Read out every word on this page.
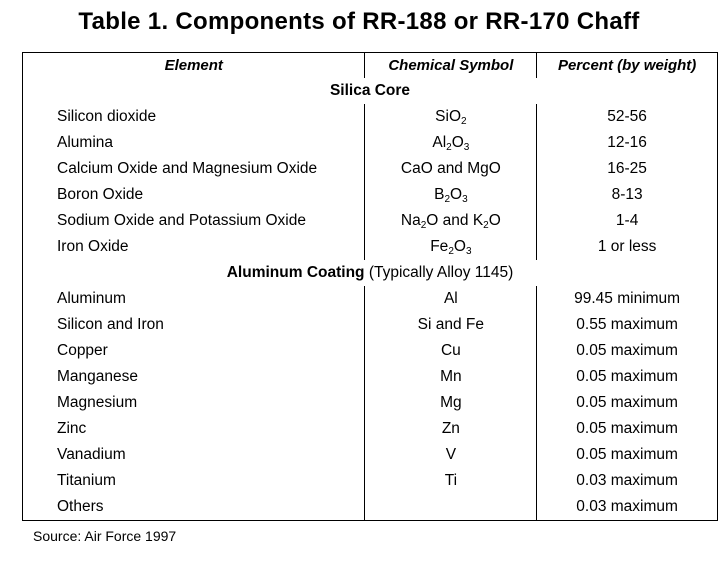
Table 1. Components of RR-188 or RR-170 Chaff
Element	Chemical Symbol	Percent (by weight)
Silica Core		
Silicon dioxide	SiO$_2$	52-56
Alumina	$Al_2O_3$	12-16
Calcium Oxide and Magnesium Oxide	CaO and MgO	16-25
Boron Oxide	$B_2O_3$	8-13
Sodium Oxide and Potassium Oxide	$Na_2O$ and $K_2O$	1-4
Iron Oxide	$Fe_2O_3$	1 or less
Aluminum Coating (Typically Alloy 1145)		
Aluminum	Al	99.45 minimum
Silicon and Iron	Si and Fe	0.55 maximum
Copper	Cu	0.05 maximum
Manganese	Mn	0.05 maximum
Magnesium	Mg	0.05 maximum
Zinc	Zn	0.05 maximum
Vanadium	V	0.05 maximum
Titanium	Ti	0.03 maximum
Others		0.03 maximum
Source: Air Force 1997
